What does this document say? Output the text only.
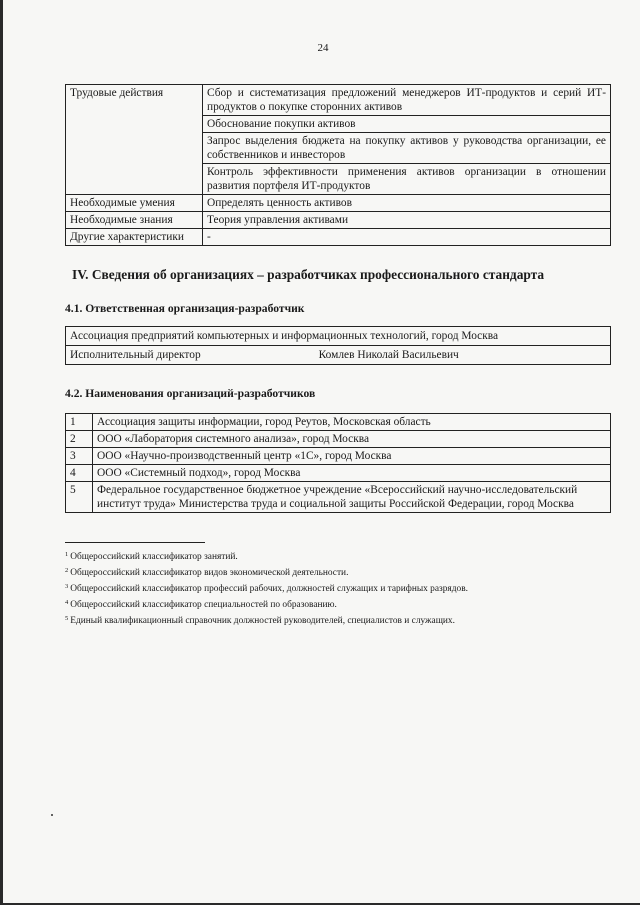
24
Трудовые действия	Сбор и систематизация предложений менеджеров ИТ-продуктов и серий ИТ-продуктов о покупке сторонних активов
	Обоснование покупки активов
	Запрос выделения бюджета на покупку активов у руководства организации, ее собственников и инвесторов
	Контроль эффективности применения активов организации в отношении развития портфеля ИТ-продуктов
Необходимые умения	Определять ценность активов
Необходимые знания	Теория управления активами
Другие характеристики	-
IV. Сведения об организациях – разработчиках профессионального стандарта
4.1. Ответственная организация-разработчик
Ассоциация предприятий компьютерных и информационных технологий, город Москва
Исполнительный директор	Комлев Николай Васильевич
4.2. Наименования организаций-разработчиков
1	Ассоциация защиты информации, город Реутов, Московская область
2	ООО «Лаборатория системного анализа», город Москва
3	ООО «Научно-производственный центр «1С», город Москва
4	ООО «Системный подход», город Москва
5	Федеральное государственное бюджетное учреждение «Всероссийский научно-исследовательский институт труда» Министерства труда и социальной защиты Российской Федерации, город Москва
$^1$ Общероссийский классификатор занятий.
$^2$ Общероссийский классификатор видов экономической деятельности.
$^3$ Общероссийский классификатор профессий рабочих, должностей служащих и тарифных разрядов.
$^4$ Общероссийский классификатор специальностей по образованию.
$^5$ Единый квалификационный справочник должностей руководителей, специалистов и служащих.
